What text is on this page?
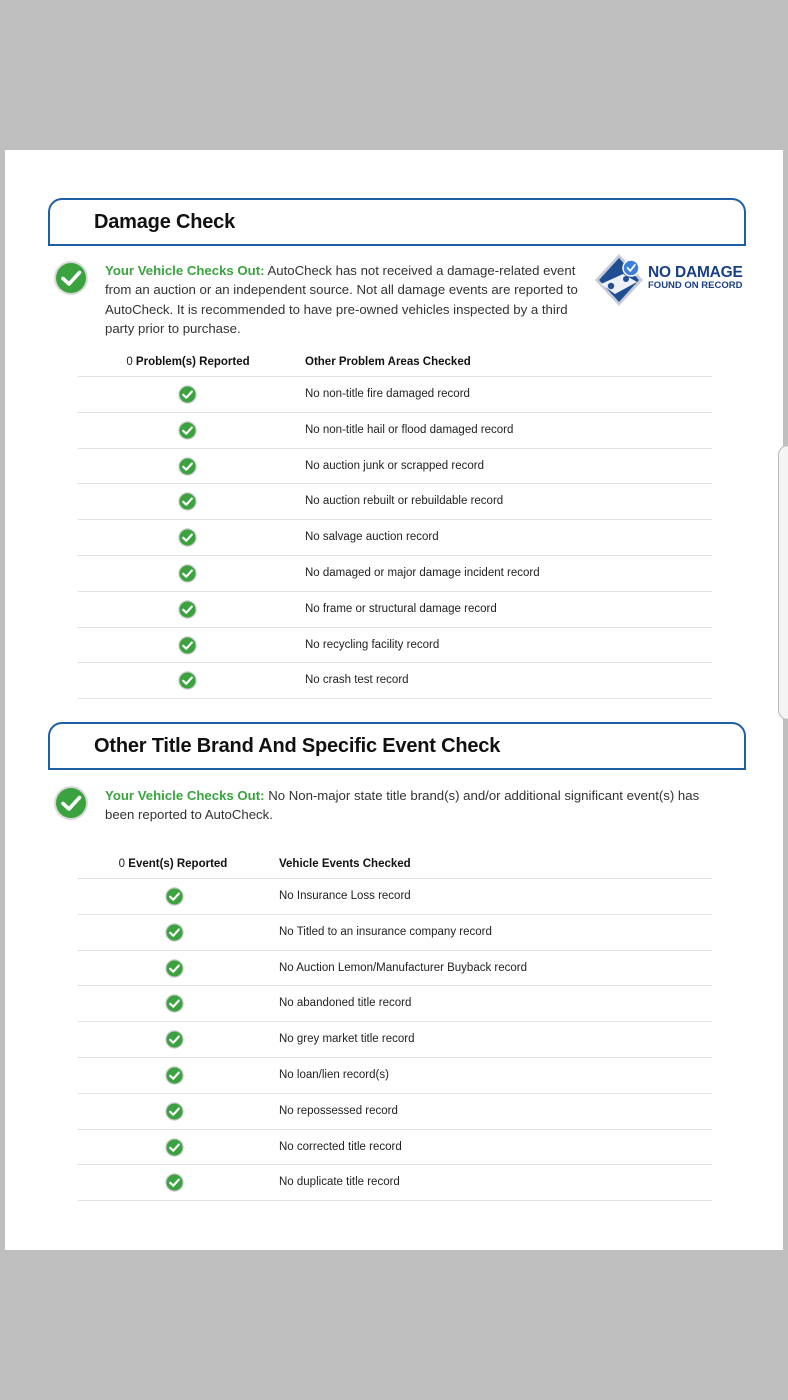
Damage Check

Your Vehicle Checks Out: AutoCheck has not received a damage-related event from an auction or an independent source. Not all damage events are reported to AutoCheck. It is recommended to have pre-owned vehicles inspected by a third party prior to purchase.

NO DAMAGE
FOUND ON RECORD
0 Problem(s) Reported	Other Problem Areas Checked
No non-title fire damaged record
No non-title hail or flood damaged record
No auction junk or scrapped record
No auction rebuilt or rebuildable record
No salvage auction record
No damaged or major damage incident record
No frame or structural damage record
No recycling facility record
No crash test record
Other Title Brand And Specific Event Check

Your Vehicle Checks Out: No Non-major state title brand(s) and/or additional significant event(s) has been reported to AutoCheck.

0 Event(s) Reported	Vehicle Events Checked
No Insurance Loss record
No Titled to an insurance company record
No Auction Lemon/Manufacturer Buyback record
No abandoned title record
No grey market title record
No loan/lien record(s)
No repossessed record
No corrected title record
No duplicate title record
